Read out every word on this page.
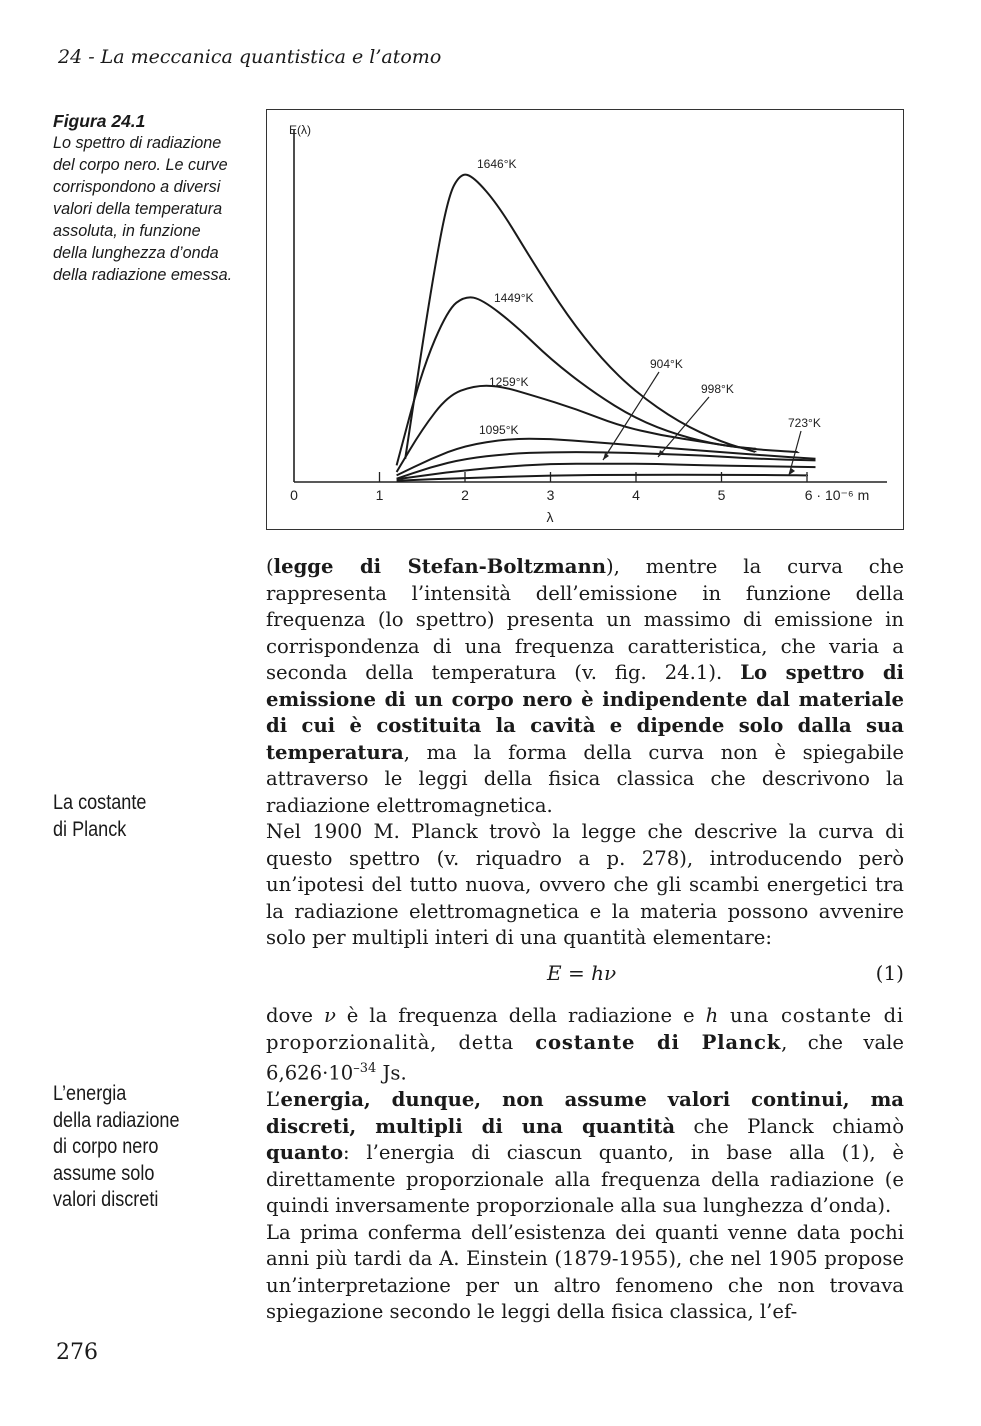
24 - La meccanica quantistica e l’atomo
Figura 24.1
Lo spettro di radiazione
del corpo nero. Le curve
corrispondono a diversi
valori della temperatura
assoluta, in funzione
della lunghezza d’onda
della radiazione emessa.
E(λ)
λ
0	1	2	3	4	5	6 · 10⁻⁶ m
1646°K
1449°K
1259°K
1095°K
998°K
904°K
723°K
La costante
di Planck
L’energia
della radiazione
di corpo nero
assume solo
valori discreti

(legge di Stefan-Boltzmann), mentre la curva che rappresenta l’intensità dell’emissione in funzione della frequenza (lo spettro) presenta un massimo di emissione in corrispondenza di una frequenza caratteristica, che varia a seconda della temperatura (v. fig. 24.1). Lo spettro di emissione di un corpo nero è indipendente dal materiale di cui è costituita la cavità e dipende solo dalla sua temperatura, ma la forma della curva non è spiegabile attraverso le leggi della fisica classica che descrivono la radiazione elettromagnetica.

Nel 1900 M. Planck trovò la legge che descrive la curva di questo spettro (v. riquadro a p. 278), introducendo però un’ipotesi del tutto nuova, ovvero che gli scambi energetici tra la radiazione elettromagnetica e la materia possono avvenire solo per multipli interi di una quantità elementare:

E = hν	(1)

dove ν è la frequenza della radiazione e h una costante di proporzionalità, detta costante di Planck, che vale $6,626\cdot 10^{-34}$ Js.

L’energia, dunque, non assume valori continui, ma discreti, multipli di una quantità che Planck chiamò quanto: l’energia di ciascun quanto, in base alla (1), è direttamente proporzionale alla frequenza della radiazione (e quindi inversamente proporzionale alla sua lunghezza d’onda).

La prima conferma dell’esistenza dei quanti venne data pochi anni più tardi da A. Einstein (1879-1955), che nel 1905 propose un’interpretazione per un altro fenomeno che non trovava spiegazione secondo le leggi della fisica classica, l’ef-

276
